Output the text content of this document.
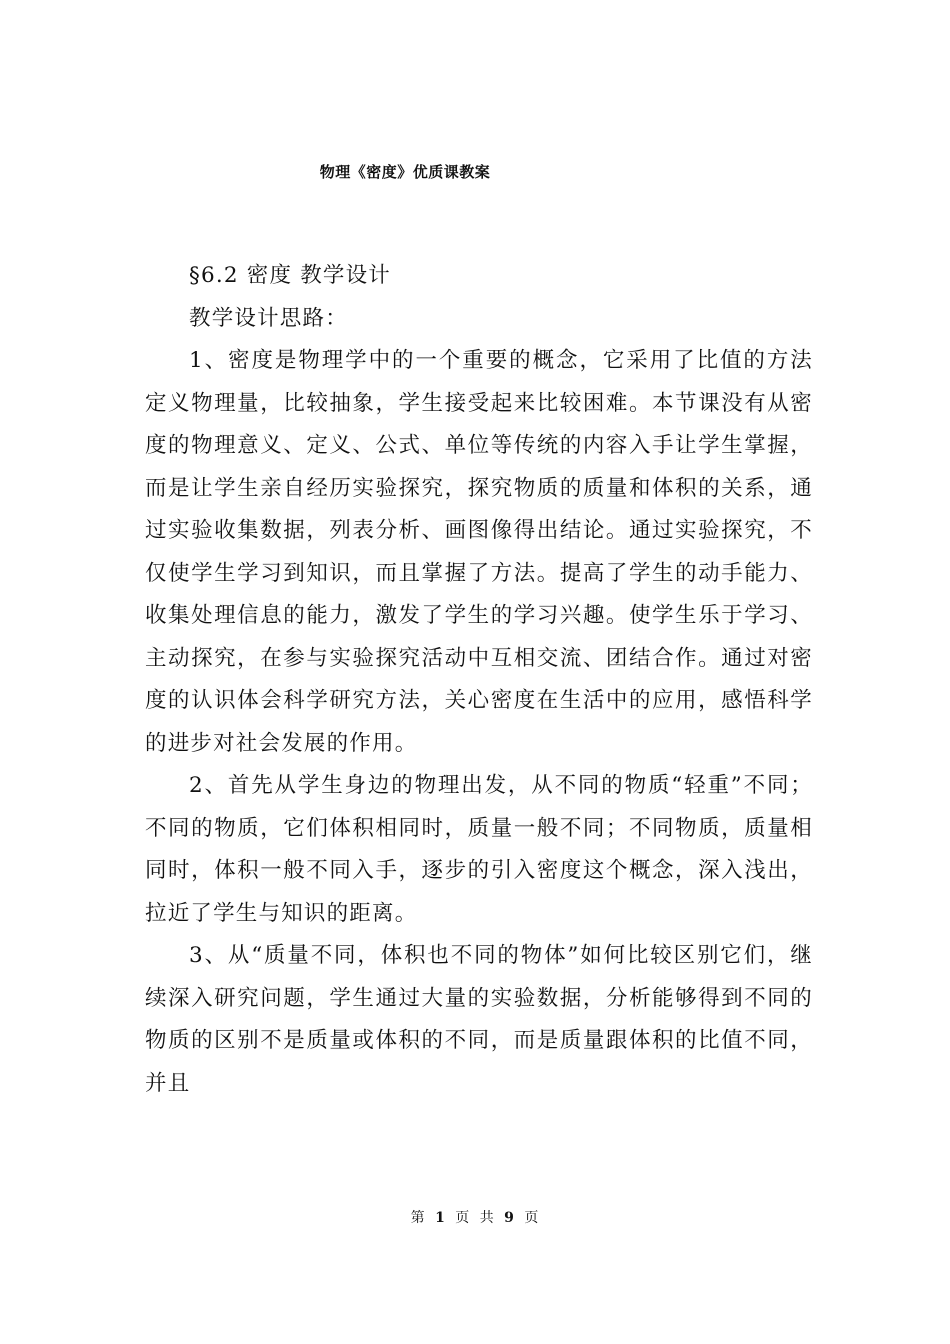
物理《密度》优质课教案

§6.2 密度 教学设计

教学设计思路：

1、密度是物理学中的一个重要的概念，它采用了比值的方法定义物理量，比较抽象，学生接受起来比较困难。本节课没有从密度的物理意义、定义、公式、单位等传统的内容入手让学生掌握，而是让学生亲自经历实验探究，探究物质的质量和体积的关系，通过实验收集数据，列表分析、画图像得出结论。通过实验探究，不仅使学生学习到知识，而且掌握了方法。提高了学生的动手能力、收集处理信息的能力，激发了学生的学习兴趣。使学生乐于学习、主动探究，在参与实验探究活动中互相交流、团结合作。通过对密度的认识体会科学研究方法，关心密度在生活中的应用，感悟科学的进步对社会发展的作用。

2、首先从学生身边的物理出发，从不同的物质“轻重”不同；不同的物质，它们体积相同时，质量一般不同；不同物质，质量相同时，体积一般不同入手，逐步的引入密度这个概念，深入浅出，拉近了学生与知识的距离。

3、从“质量不同，体积也不同的物体”如何比较区别它们，继续深入研究问题，学生通过大量的实验数据，分析能够得到不同的物质的区别不是质量或体积的不同，而是质量跟体积的比值不同，并且

第 1 页 共 9 页
